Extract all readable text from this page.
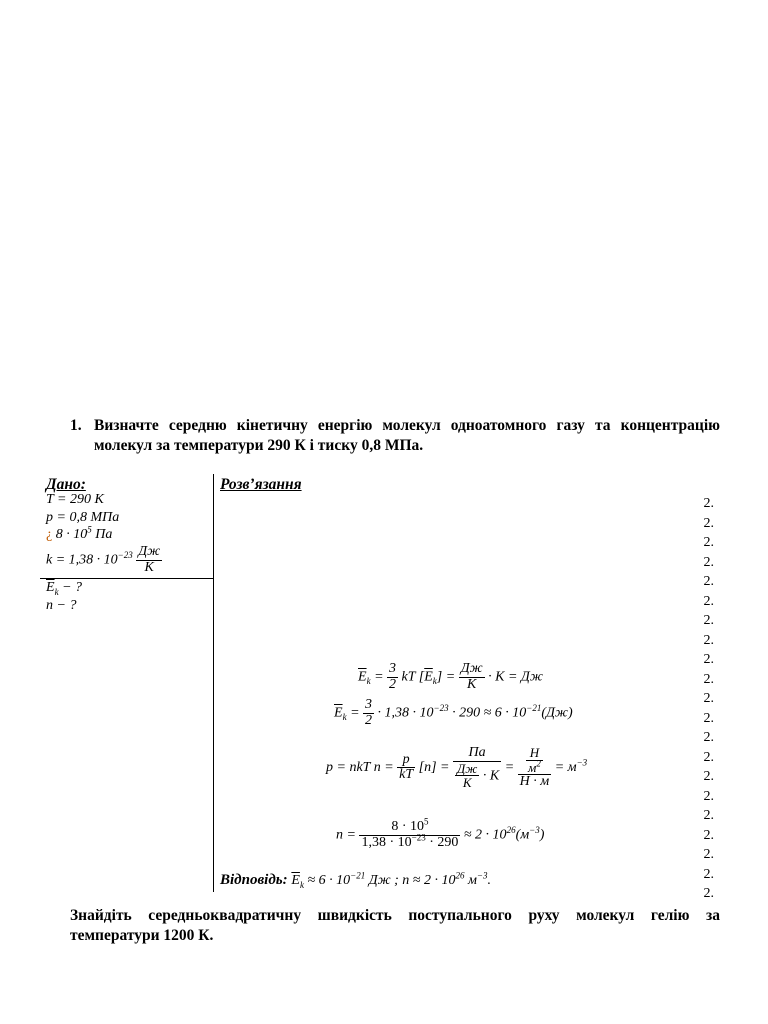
1. Визначте середню кінетичну енергію молекул одноатомного газу та концентрацію молекул за температури 290 К і тиску 0,8 МПа.
Дано:	Розв’язання
T = 290 K
p = 0,8 МПа
¿ $8 \cdot 10^5$ Па
$k = 1,38 \cdot 10^{-23} \frac{Дж}{K}$
$\overline{E}_k$ − ?
n − ?
2.
2.
2.
2.
2.
2.
2.
2.
2.
2.
2.
2.
2.
2.
2.
2.
2.
2.
2.
2.
2.
$\overline{E}_k = \frac{3}{2}$ kT $[\overline{E}_k] = \frac{Дж}{K} \cdot K$ = Дж
$\overline{E}_k = \frac{3}{2} \cdot 1,38 \cdot 10^{-23} \cdot 290 \approx 6 \cdot 10^{-21}(Дж)$
p = nkT $n = \frac{p}{kT} [n] = \frac{Па}{\frac{Дж}{K} \cdot K} = \frac{\frac{Н}{м^2}}{Н \cdot м} = м^{-3}$
$n = \frac{8 \cdot 10^5}{1,38 \cdot 10^{-23} \cdot 290} \approx 2 \cdot 10^{26}(м^{-3})$
Відповідь: $\overline{E}_k \approx 6 \cdot 10^{-21}$ Дж ; $n \approx 2 \cdot 10^{26}$ $м^{-3}$.
Знайдіть середньоквадратичну швидкість поступального руху молекул гелію за температури 1200 К.
